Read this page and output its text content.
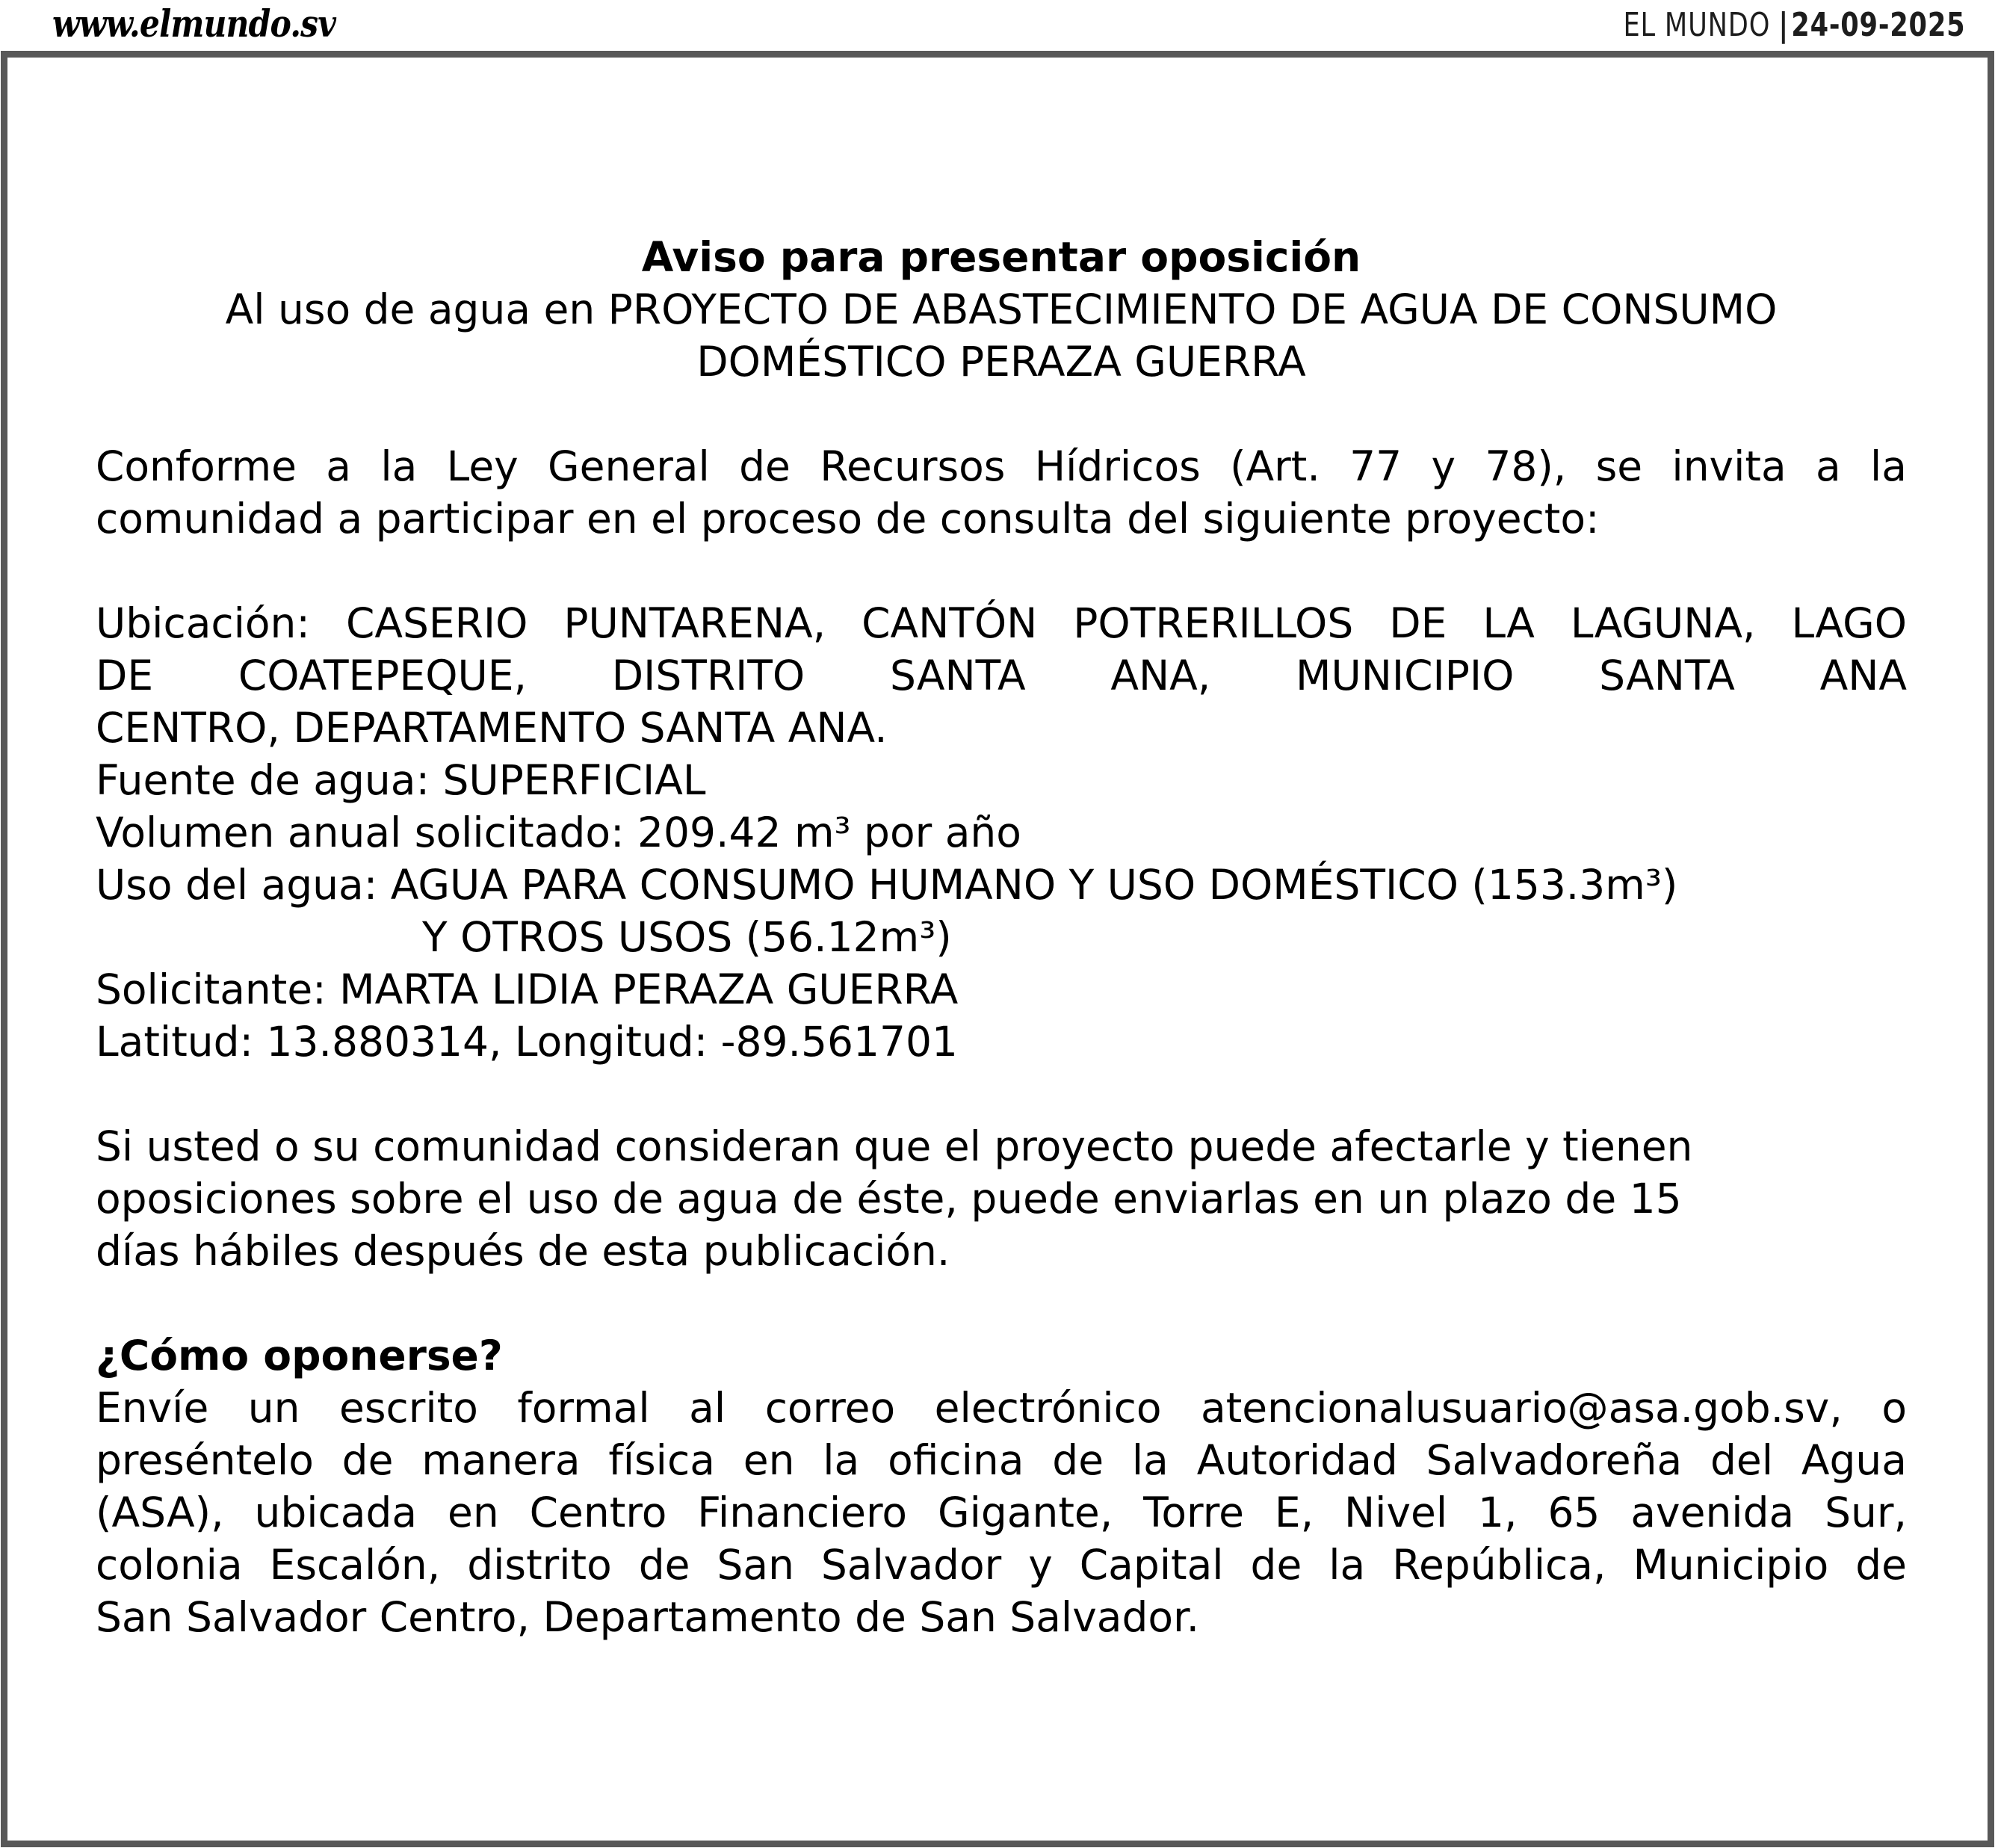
www.elmundo.sv	EL MUNDO |24-09-2025
Aviso para presentar oposición
Al uso de agua en PROYECTO DE ABASTECIMIENTO DE AGUA DE CONSUMO
DOMÉSTICO PERAZA GUERRA
Conforme a la Ley General de Recursos Hídricos (Art. 77 y 78), se invita a la
comunidad a participar en el proceso de consulta del siguiente proyecto:
Ubicación: CASERIO PUNTARENA, CANTÓN POTRERILLOS DE LA LAGUNA, LAGO
DE COATEPEQUE, DISTRITO SANTA ANA, MUNICIPIO SANTA ANA
CENTRO, DEPARTAMENTO SANTA ANA.
Fuente de agua: SUPERFICIAL
Volumen anual solicitado: 209.42 m³ por año
Uso del agua: AGUA PARA CONSUMO HUMANO Y USO DOMÉSTICO (153.3m³)
Y OTROS USOS (56.12m³)
Solicitante: MARTA LIDIA PERAZA GUERRA
Latitud: 13.880314, Longitud: -89.561701
Si usted o su comunidad consideran que el proyecto puede afectarle y tienen
oposiciones sobre el uso de agua de éste, puede enviarlas en un plazo de 15
días hábiles después de esta publicación.
¿Cómo oponerse?
Envíe un escrito formal al correo electrónico atencionalusuario@asa.gob.sv, o
preséntelo de manera física en la oficina de la Autoridad Salvadoreña del Agua
(ASA), ubicada en Centro Financiero Gigante, Torre E, Nivel 1, 65 avenida Sur,
colonia Escalón, distrito de San Salvador y Capital de la República, Municipio de
San Salvador Centro, Departamento de San Salvador.
